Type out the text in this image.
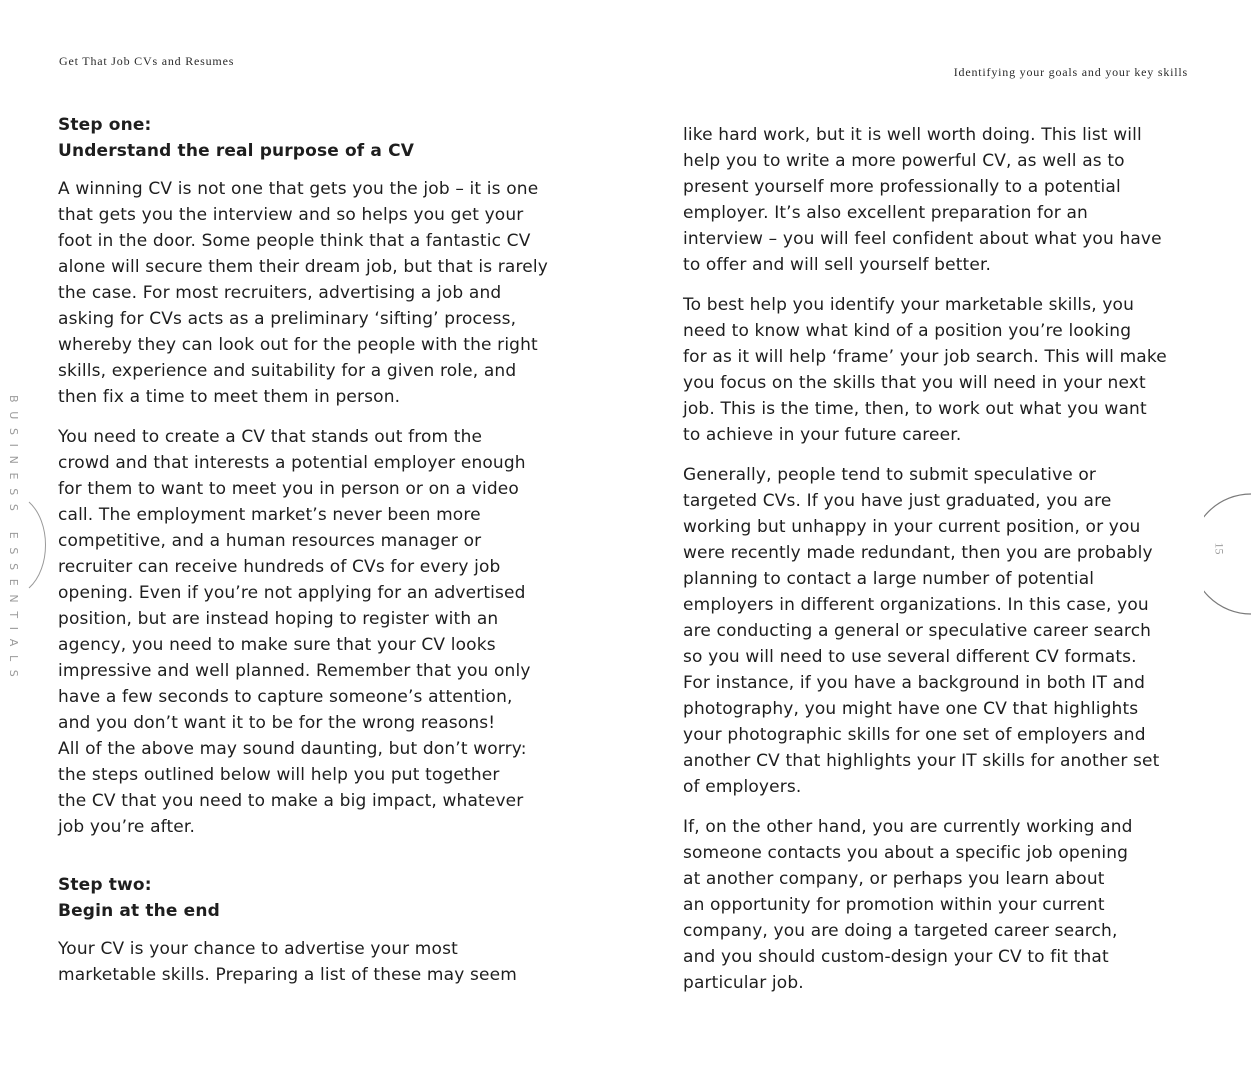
Get That Job CVs and Resumes
Identifying your goals and your key skills
BUSINESS ESSENTIALS
Step one:
Understand the real purpose of a CV

A winning CV is not one that gets you the job – it is one
that gets you the interview and so helps you get your
foot in the door. Some people think that a fantastic CV
alone will secure them their dream job, but that is rarely
the case. For most recruiters, advertising a job and
asking for CVs acts as a preliminary ‘sifting’ process,
whereby they can look out for the people with the right
skills, experience and suitability for a given role, and
then fix a time to meet them in person.

You need to create a CV that stands out from the
crowd and that interests a potential employer enough
for them to want to meet you in person or on a video
call. The employment market’s never been more
competitive, and a human resources manager or
recruiter can receive hundreds of CVs for every job
opening. Even if you’re not applying for an advertised
position, but are instead hoping to register with an
agency, you need to make sure that your CV looks
impressive and well planned. Remember that you only
have a few seconds to capture someone’s attention,
and you don’t want it to be for the wrong reasons!
All of the above may sound daunting, but don’t worry:
the steps outlined below will help you put together
the CV that you need to make a big impact, whatever
job you’re after.

Step two:
Begin at the end

Your CV is your chance to advertise your most
marketable skills. Preparing a list of these may seem

like hard work, but it is well worth doing. This list will
help you to write a more powerful CV, as well as to
present yourself more professionally to a potential
employer. It’s also excellent preparation for an
interview – you will feel confident about what you have
to offer and will sell yourself better.

To best help you identify your marketable skills, you
need to know what kind of a position you’re looking
for as it will help ‘frame’ your job search. This will make
you focus on the skills that you will need in your next
job. This is the time, then, to work out what you want
to achieve in your future career.

Generally, people tend to submit speculative or
targeted CVs. If you have just graduated, you are
working but unhappy in your current position, or you
were recently made redundant, then you are probably
planning to contact a large number of potential
employers in different organizations. In this case, you
are conducting a general or speculative career search
so you will need to use several different CV formats.
For instance, if you have a background in both IT and
photography, you might have one CV that highlights
your photographic skills for one set of employers and
another CV that highlights your IT skills for another set
of employers.

If, on the other hand, you are currently working and
someone contacts you about a specific job opening
at another company, or perhaps you learn about
an opportunity for promotion within your current
company, you are doing a targeted career search,
and you should custom-design your CV to fit that
particular job.

15
